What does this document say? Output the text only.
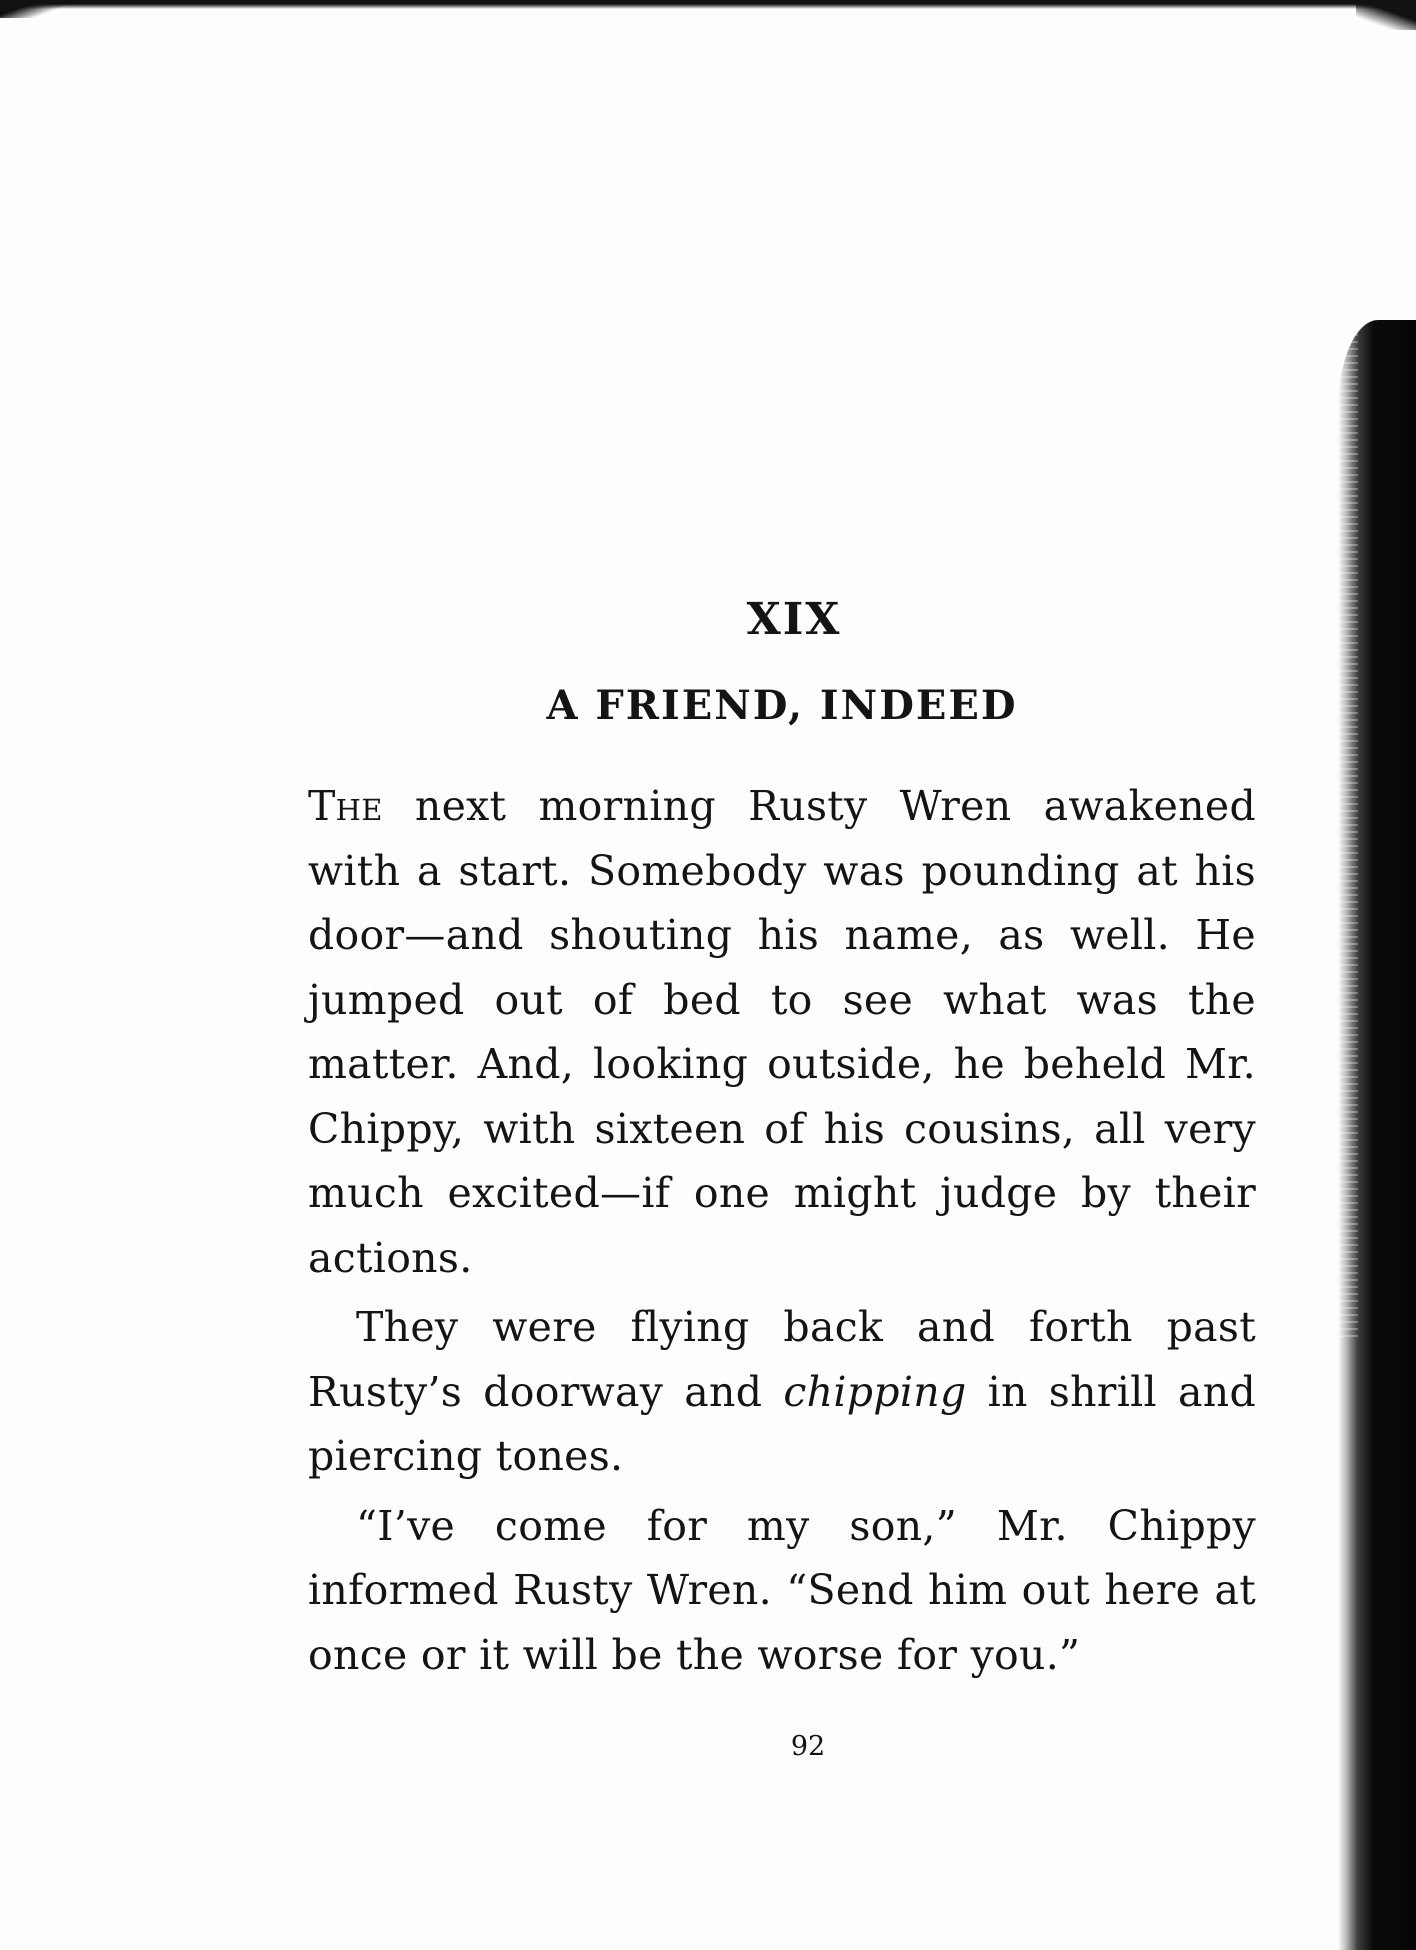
XIX
A FRIEND, INDEED

The next morning Rusty Wren awakened with a start. Somebody was pounding at his door—and shouting his name, as well. He jumped out of bed to see what was the matter. And, looking outside, he beheld Mr. Chippy, with sixteen of his cousins, all very much excited—if one might judge by their actions.

They were flying back and forth past Rusty’s doorway and chipping in shrill and piercing tones.

“I’ve come for my son,” Mr. Chippy informed Rusty Wren. “Send him out here at once or it will be the worse for you.”

92
